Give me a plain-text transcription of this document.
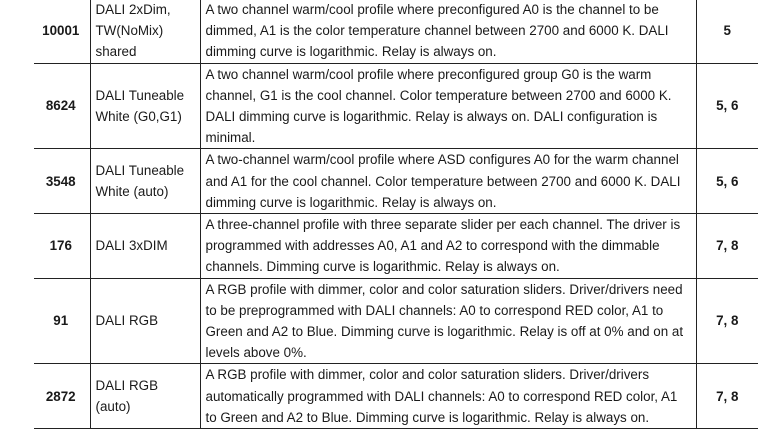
10001	DALI 2xDim, TW(NoMix) shared	A two channel warm/cool profile where preconfigured A0 is the channel to be dimmed, A1 is the color temperature channel between 2700 and 6000 K. DALI dimming curve is logarithmic. Relay is always on.	5
8624	DALI Tuneable White (G0,G1)	A two channel warm/cool profile where preconfigured group G0 is the warm channel, G1 is the cool channel. Color temperature between 2700 and 6000 K. DALI dimming curve is logarithmic. Relay is always on. DALI configuration is minimal.	5, 6
3548	DALI Tuneable White (auto)	A two-channel warm/cool profile where ASD configures A0 for the warm channel and A1 for the cool channel. Color temperature between 2700 and 6000 K. DALI dimming curve is logarithmic. Relay is always on.	5, 6
176	DALI 3xDIM	A three-channel profile with three separate slider per each channel. The driver is programmed with addresses A0, A1 and A2 to correspond with the dimmable channels. Dimming curve is logarithmic. Relay is always on.	7, 8
91	DALI RGB	A RGB profile with dimmer, color and color saturation sliders. Driver/drivers need to be preprogrammed with DALI channels: A0 to correspond RED color, A1 to Green and A2 to Blue. Dimming curve is logarithmic. Relay is off at 0% and on at levels above 0%.	7, 8
2872	DALI RGB (auto)	A RGB profile with dimmer, color and color saturation sliders. Driver/drivers automatically programmed with DALI channels: A0 to correspond RED color, A1 to Green and A2 to Blue. Dimming curve is logarithmic. Relay is always on.	7, 8
